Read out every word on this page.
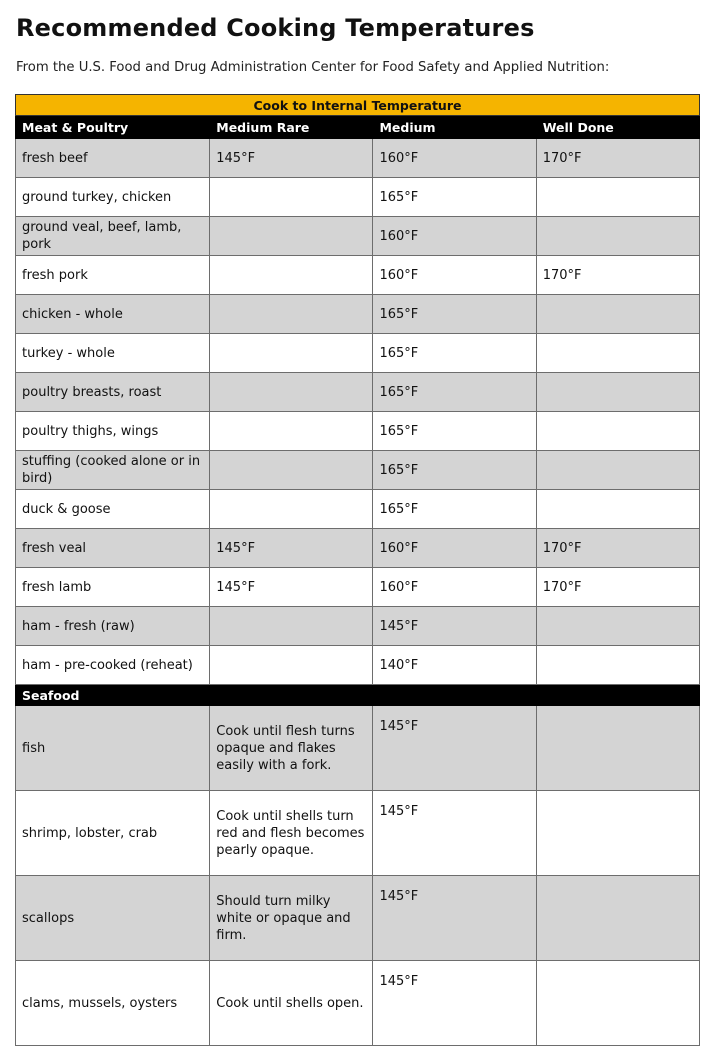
Recommended Cooking Temperatures
From the U.S. Food and Drug Administration Center for Food Safety and Applied Nutrition:
Cook to Internal Temperature			
Meat & Poultry	Medium Rare	Medium	Well Done
fresh beef	145°F	160°F	170°F
ground turkey, chicken		165°F	
ground veal, beef, lamb, pork		160°F	
fresh pork		160°F	170°F
chicken - whole		165°F	
turkey - whole		165°F	
poultry breasts, roast		165°F	
poultry thighs, wings		165°F	
stuffing (cooked alone or in bird)		165°F	
duck & goose		165°F	
fresh veal	145°F	160°F	170°F
fresh lamb	145°F	160°F	170°F
ham - fresh (raw)		145°F	
ham - pre-cooked (reheat)		140°F	
Seafood			
fish	Cook until flesh turns opaque and flakes easily with a fork.	145°F	
shrimp, lobster, crab	Cook until shells turn red and flesh becomes pearly opaque.	145°F	
scallops	Should turn milky white or opaque and firm.	145°F	
clams, mussels, oysters	Cook until shells open.	145°F	
